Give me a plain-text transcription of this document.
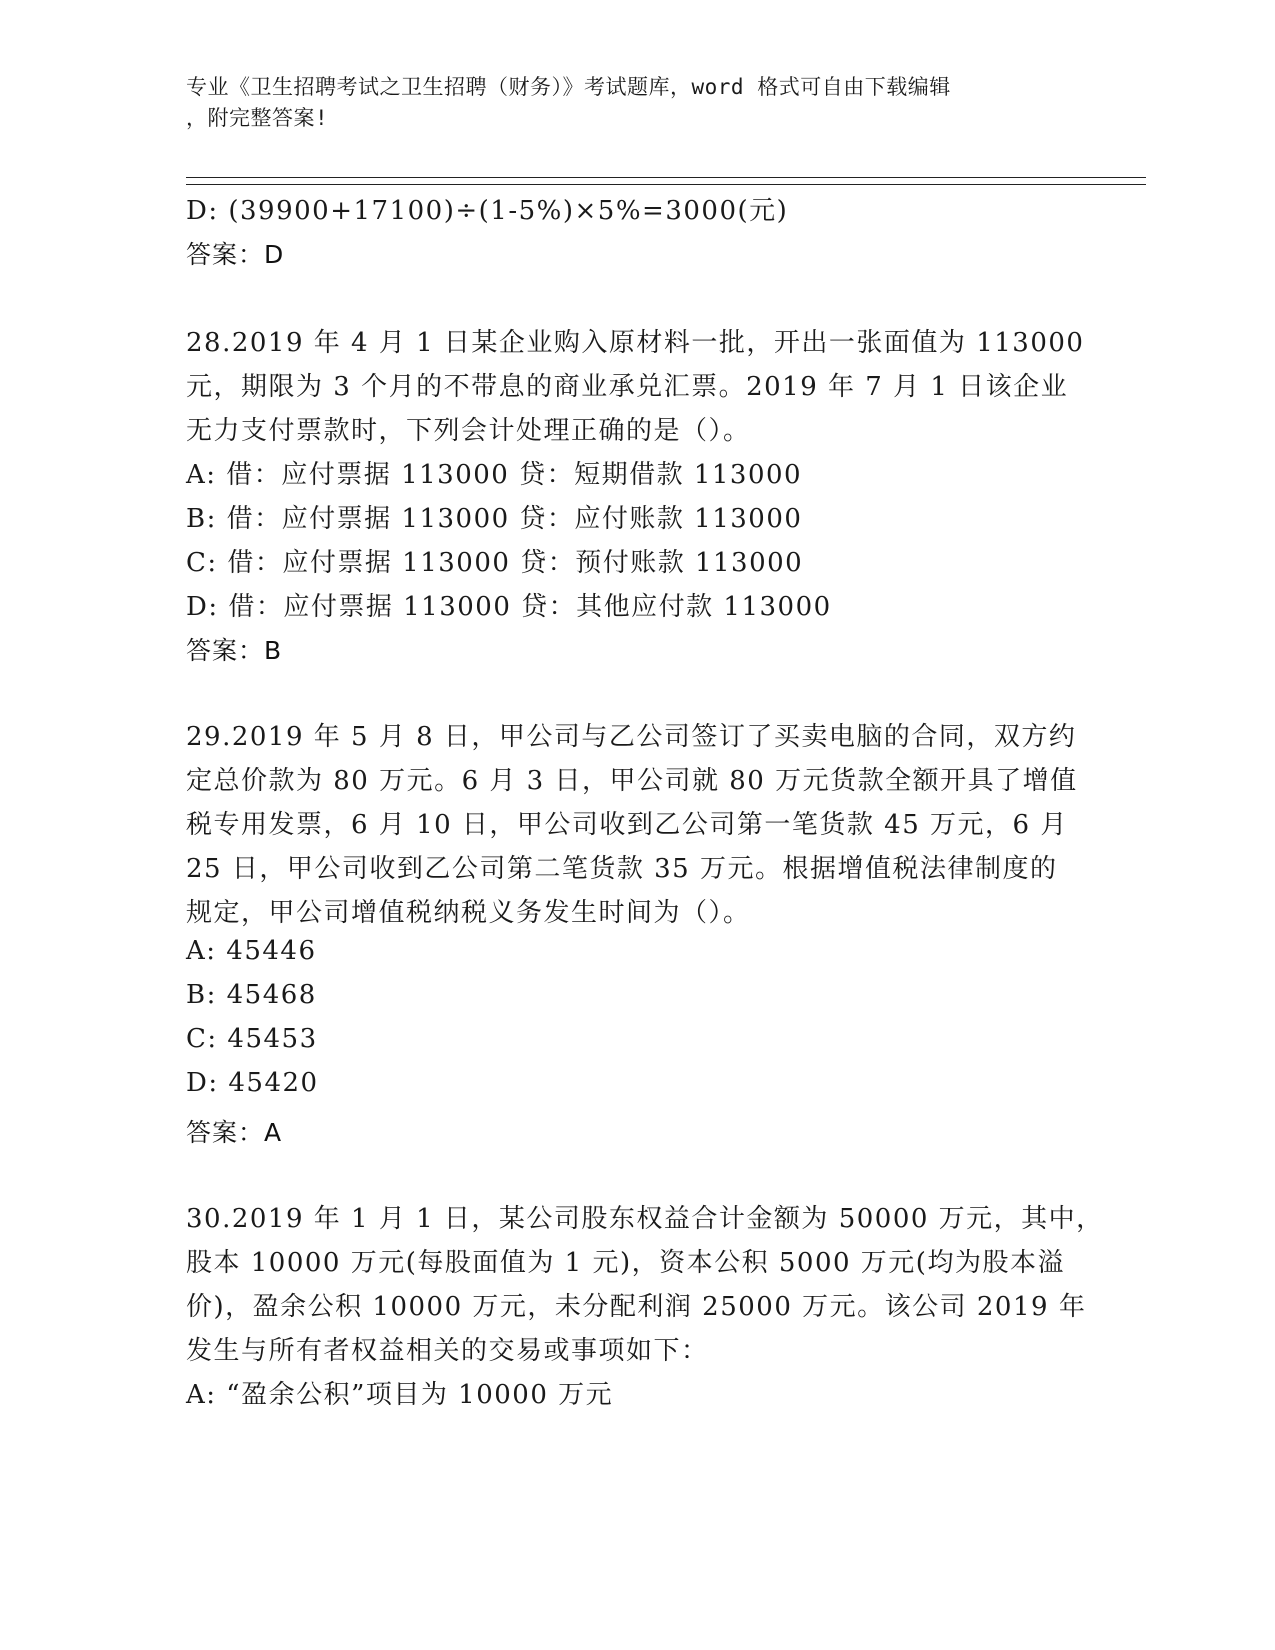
专业《卫生招聘考试之卫生招聘（财务）》考试题库，word 格式可自由下载编辑
，附完整答案!
D: (39900+17100)÷(1-5%)×5%=3000(元)
答案：D
28.2019 年 4 月 1 日某企业购入原材料一批，开出一张面值为 113000
元，期限为 3 个月的不带息的商业承兑汇票。2019 年 7 月 1 日该企业
无力支付票款时，下列会计处理正确的是（）。
A: 借：应付票据 113000 贷：短期借款 113000
B: 借：应付票据 113000 贷：应付账款 113000
C: 借：应付票据 113000 贷：预付账款 113000
D: 借：应付票据 113000 贷：其他应付款 113000
答案：B
29.2019 年 5 月 8 日，甲公司与乙公司签订了买卖电脑的合同，双方约
定总价款为 80 万元。6 月 3 日，甲公司就 80 万元货款全额开具了增值
税专用发票，6 月 10 日，甲公司收到乙公司第一笔货款 45 万元，6 月
25 日，甲公司收到乙公司第二笔货款 35 万元。根据增值税法律制度的
规定，甲公司增值税纳税义务发生时间为（）。
A: 45446
B: 45468
C: 45453
D: 45420
答案：A
30.2019 年 1 月 1 日，某公司股东权益合计金额为 50000 万元，其中，
股本 10000 万元(每股面值为 1 元)，资本公积 5000 万元(均为股本溢
价)，盈余公积 10000 万元，未分配利润 25000 万元。该公司 2019 年
发生与所有者权益相关的交易或事项如下：
A: “盈余公积”项目为 10000 万元
